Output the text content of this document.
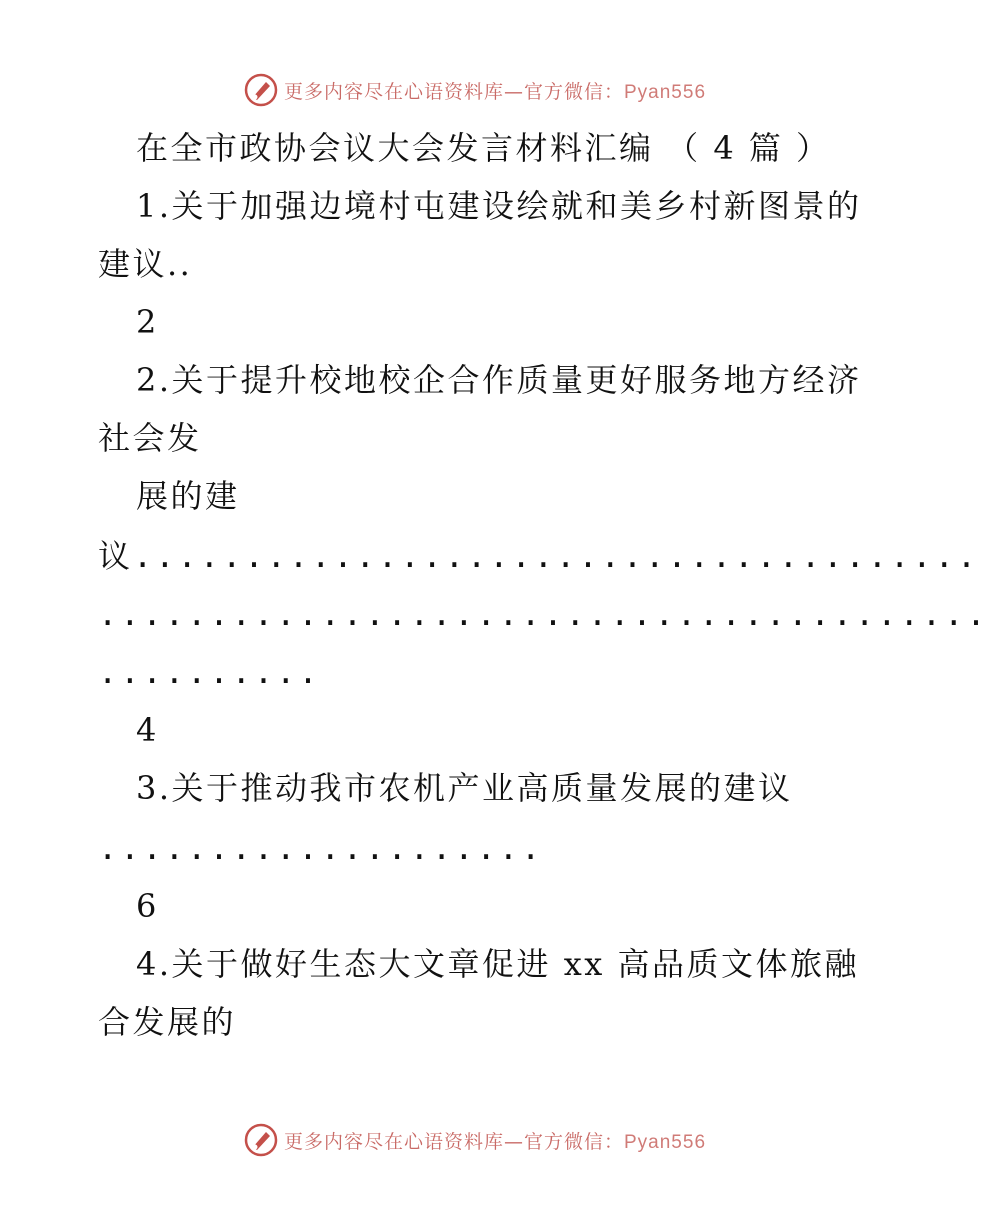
更多内容尽在心语资料库—官方微信：Pyan556
在全市政协会议大会发言材料汇编 （ 4 篇 ）
1.关于加强边境村屯建设绘就和美乡村新图景的
建议..
2
2.关于提升校地校企合作质量更好服务地方经济
社会发
展的建
议......................................
........................................
..........
4
3.关于推动我市农机产业高质量发展的建议
....................
6
4.关于做好生态大文章促进 xx 高品质文体旅融
合发展的
更多内容尽在心语资料库—官方微信：Pyan556
